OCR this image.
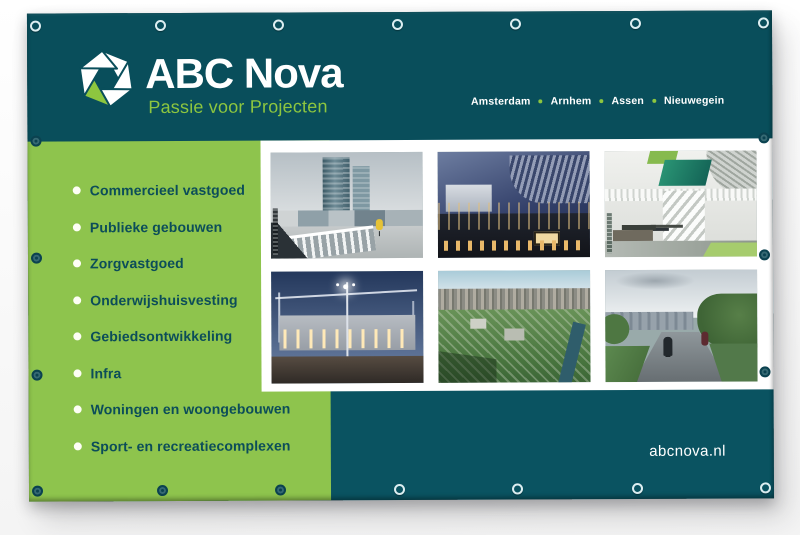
ABC Nova
Passie voor Projecten	Amsterdam Arnhem Assen Nieuwegein
Commercieel vastgoed
Publieke gebouwen
Zorgvastgoed
Onderwijshuisvesting
Gebiedsontwikkeling
Infra
Woningen en woongebouwen
Sport- en recreatiecomplexen	abcnova.nl
